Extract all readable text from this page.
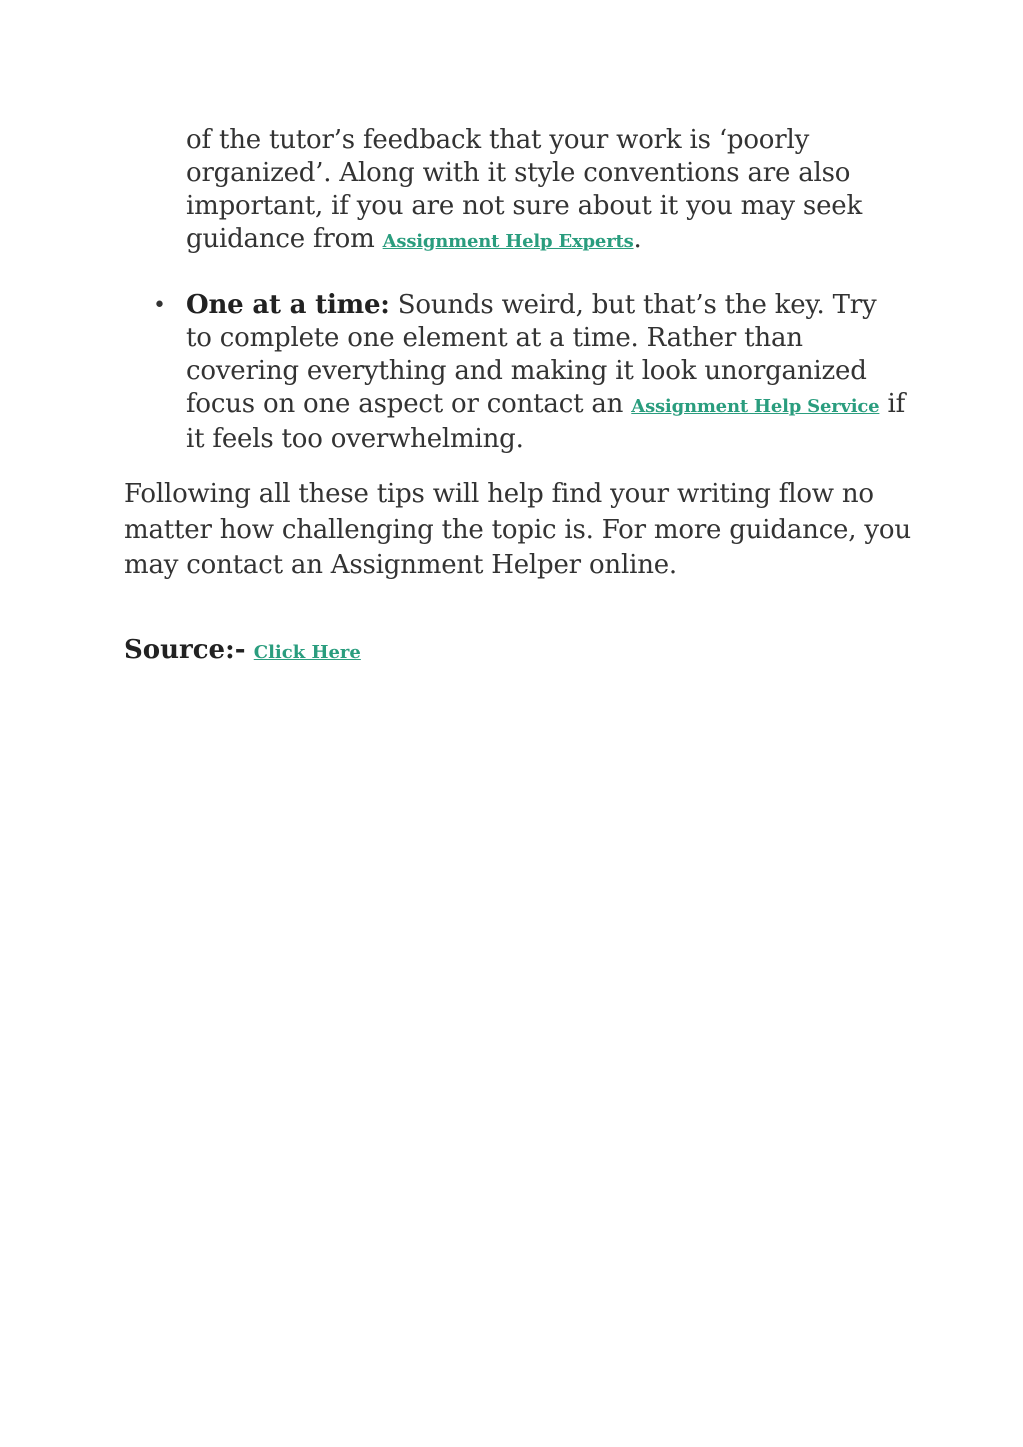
of the tutor’s feedback that your work is ‘poorly organized’. Along with it style conventions are also important, if you are not sure about it you may seek guidance from Assignment Help Experts.
• One at a time: Sounds weird, but that’s the key. Try to complete one element at a time. Rather than covering everything and making it look unorganized focus on one aspect or contact an Assignment Help Service if it feels too overwhelming.

Following all these tips will help find your writing flow no matter how challenging the topic is. For more guidance, you may contact an Assignment Helper online.

Source:- Click Here
